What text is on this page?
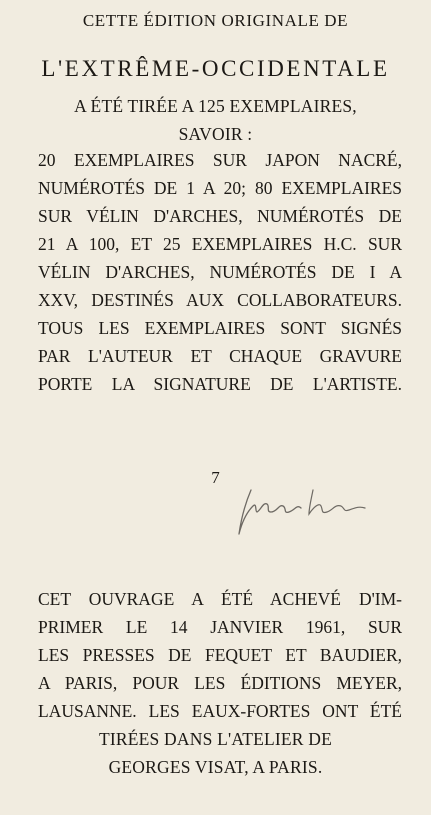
CETTE ÉDITION ORIGINALE DE
L'EXTRÊME-OCCIDENTALE
A ÉTÉ TIRÉE A 125 EXEMPLAIRES,
SAVOIR :
20 EXEMPLAIRES SUR JAPON NACRÉ,
NUMÉROTÉS DE 1 A 20; 80 EXEMPLAIRES
SUR VÉLIN D'ARCHES, NUMÉROTÉS DE
21 A 100, ET 25 EXEMPLAIRES H.C. SUR
VÉLIN D'ARCHES, NUMÉROTÉS DE I A
XXV, DESTINÉS AUX COLLABORATEURS.
TOUS LES EXEMPLAIRES SONT SIGNÉS
PAR L'AUTEUR ET CHAQUE GRAVURE
PORTE LA SIGNATURE DE L'ARTISTE.
7
CET OUVRAGE A ÉTÉ ACHEVÉ D'IM-
PRIMER LE 14 JANVIER 1961, SUR
LES PRESSES DE FEQUET ET BAUDIER,
A PARIS, POUR LES ÉDITIONS MEYER,
LAUSANNE. LES EAUX-FORTES ONT ÉTÉ
TIRÉES DANS L'ATELIER DE
GEORGES VISAT, A PARIS.
